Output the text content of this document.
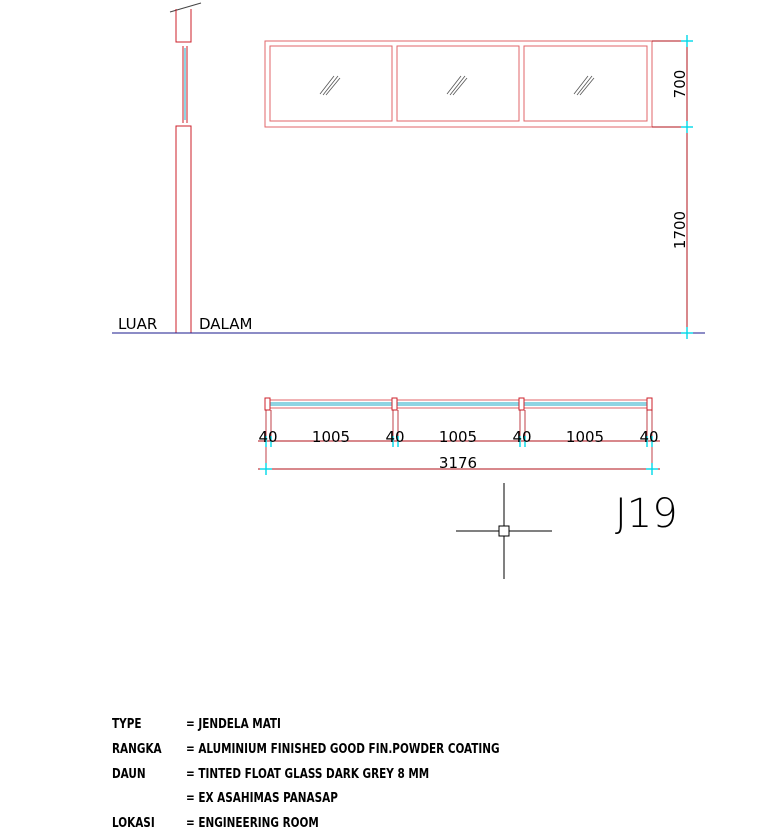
LUAR	DALAM
700
1700
40 1005 40 1005 40 1005 40
3176
J19
TYPE	= JENDELA MATI
RANGKA = ALUMINIUM FINISHED GOOD FIN.POWDER COATING
DAUN	= TINTED FLOAT GLASS DARK GREY 8 MM
= EX ASAHIMAS PANASAP
LOKASI = ENGINEERING ROOM
